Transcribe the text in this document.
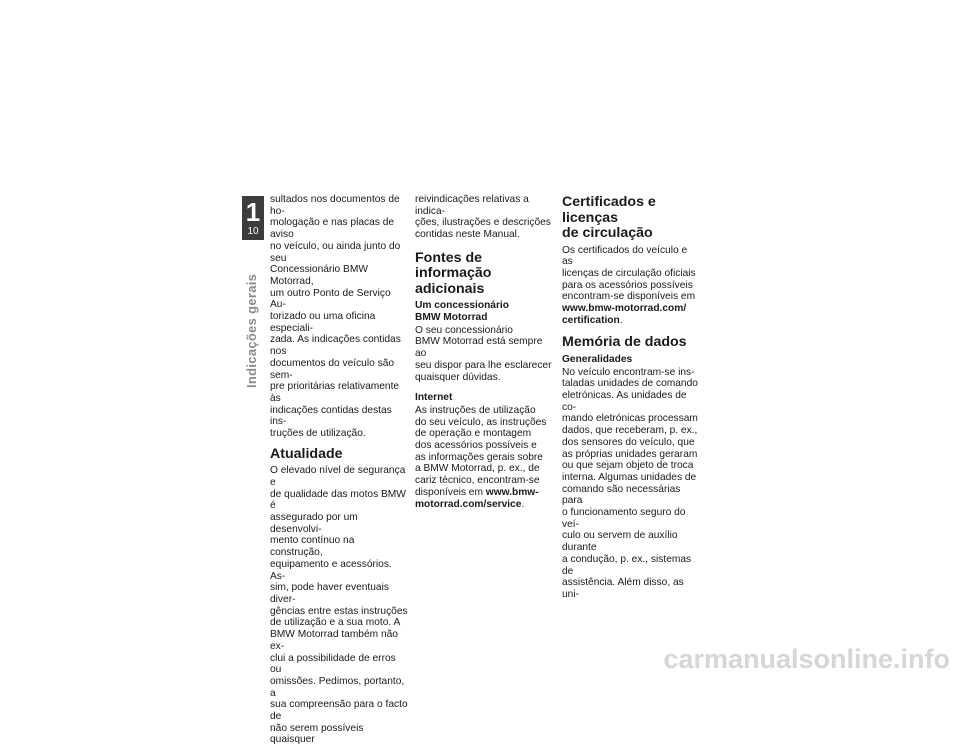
1
10
Indicações gerais

sultados nos documentos de ho-

mologação e nas placas de aviso

no veículo, ou ainda junto do seu

Concessionário BMW Motorrad,

um outro Ponto de Serviço Au-

torizado ou uma oficina especiali-

zada. As indicações contidas nos

documentos do veículo são sem-

pre prioritárias relativamente às

indicações contidas destas ins-

truções de utilização.

Atualidade

O elevado nível de segurança e

de qualidade das motos BMW é

assegurado por um desenvolvi-

mento contínuo na construção,

equipamento e acessórios. As-

sim, pode haver eventuais diver-

gências entre estas instruções

de utilização e a sua moto. A

BMW Motorrad também não ex-

clui a possibilidade de erros ou

omissões. Pedimos, portanto, a

sua compreensão para o facto de

não serem possíveis quaisquer

reivindicações relativas a indica-

ções, ilustrações e descrições

contidas neste Manual.

Fontes de informação
adicionais
Um concessionário
BMW Motorrad

O seu concessionário

BMW Motorrad está sempre ao

seu dispor para lhe esclarecer

quaisquer dúvidas.

Internet

As instruções de utilização

do seu veículo, as instruções

de operação e montagem

dos acessórios possíveis e

as informações gerais sobre

a BMW Motorrad, p. ex., de

cariz técnico, encontram-se

disponíveis em www.bmw-

motorrad.com/service.

Certificados e licenças
de circulação

Os certificados do veículo e as

licenças de circulação oficiais

para os acessórios possíveis

encontram-se disponíveis em

www.bmw-motorrad.com/

certification.

Memória de dados
Generalidades

No veículo encontram-se ins-

taladas unidades de comando

eletrónicas. As unidades de co-

mando eletrónicas processam

dados, que receberam, p. ex.,

dos sensores do veículo, que

as próprias unidades geraram

ou que sejam objeto de troca

interna. Algumas unidades de

comando são necessárias para

o funcionamento seguro do veí-

culo ou servem de auxílio durante

a condução, p. ex., sistemas de

assistência. Além disso, as uni-

carmanualsonline.info
